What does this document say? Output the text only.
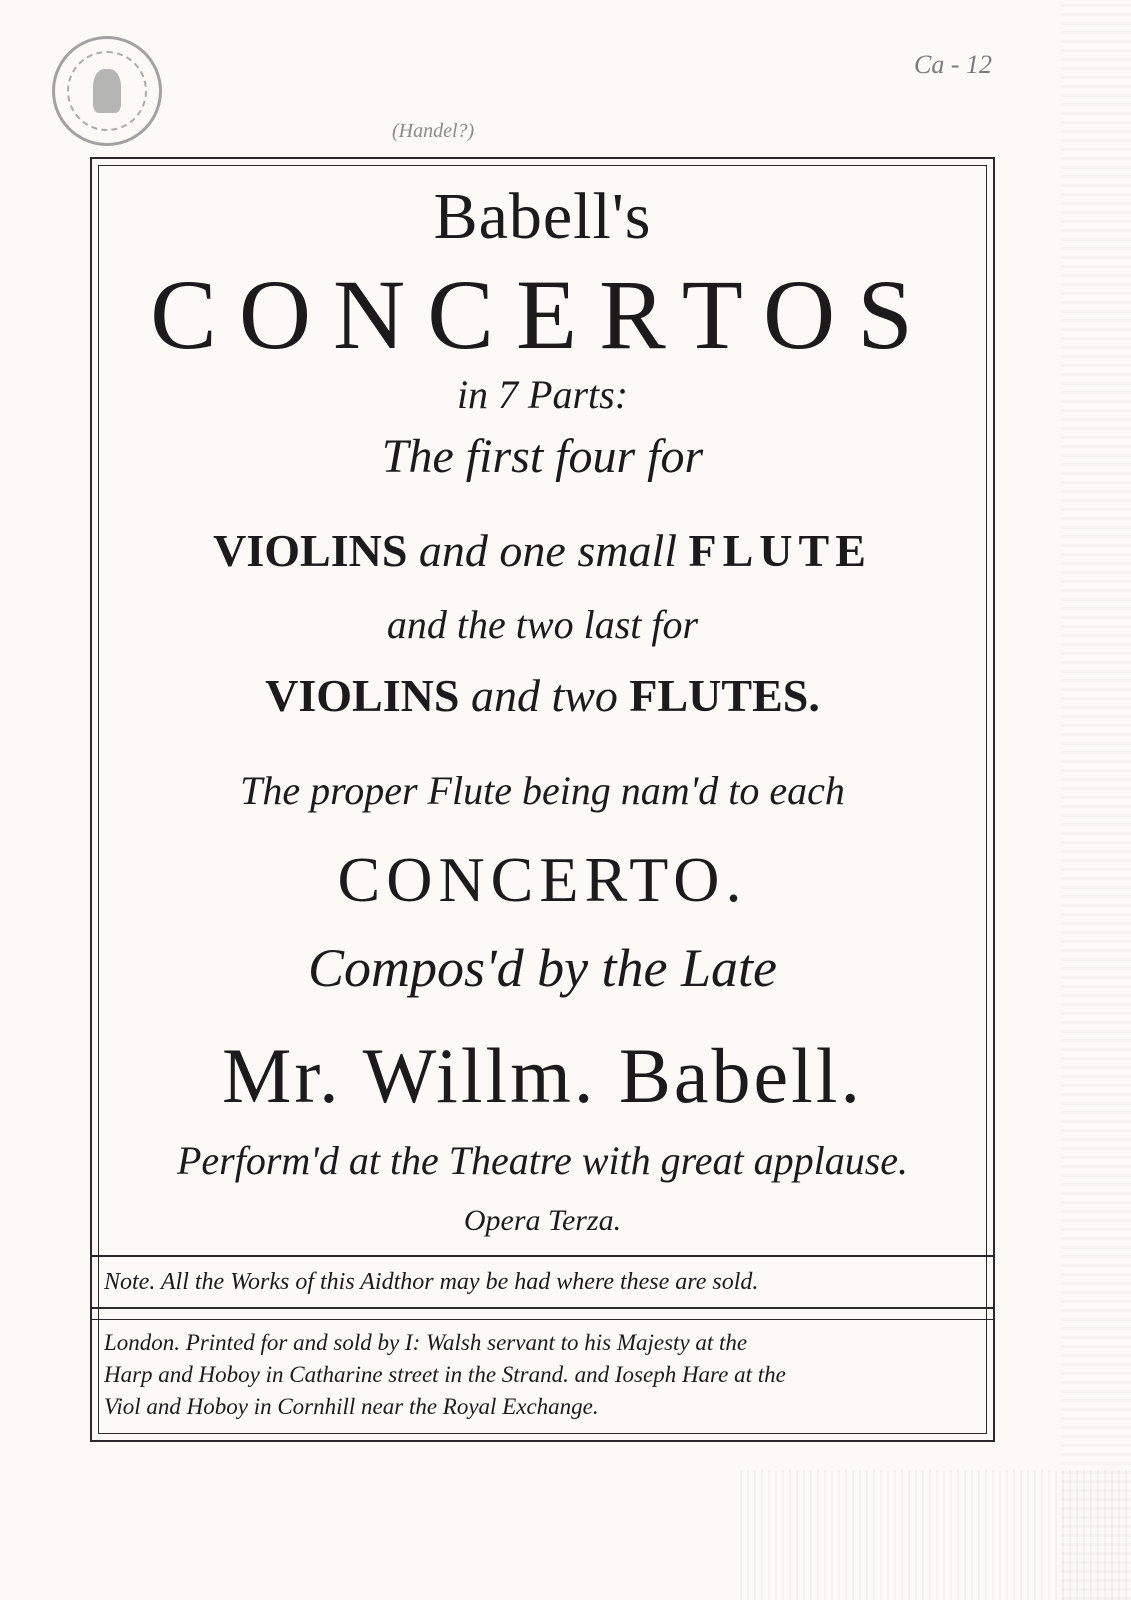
Ca - 12
(Handel?)
Babell's
CONCERTOS
in 7 Parts:
The first four for
VIOLINS and one small FLUTE
and the two last for
VIOLINS and two FLUTES.
The proper Flute being nam'd to each
CONCERTO.
Compos'd by the Late
Mr. Willm. Babell.
Perform'd at the Theatre with great applause.
Opera Terza.
Note. All the Works of this Aidthor may be had where these are sold.
London. Printed for and sold by I: Walsh servant to his Majesty at the
Harp and Hoboy in Catharine street in the Strand. and Ioseph Hare at the
Viol and Hoboy in Cornhill near the Royal Exchange.
